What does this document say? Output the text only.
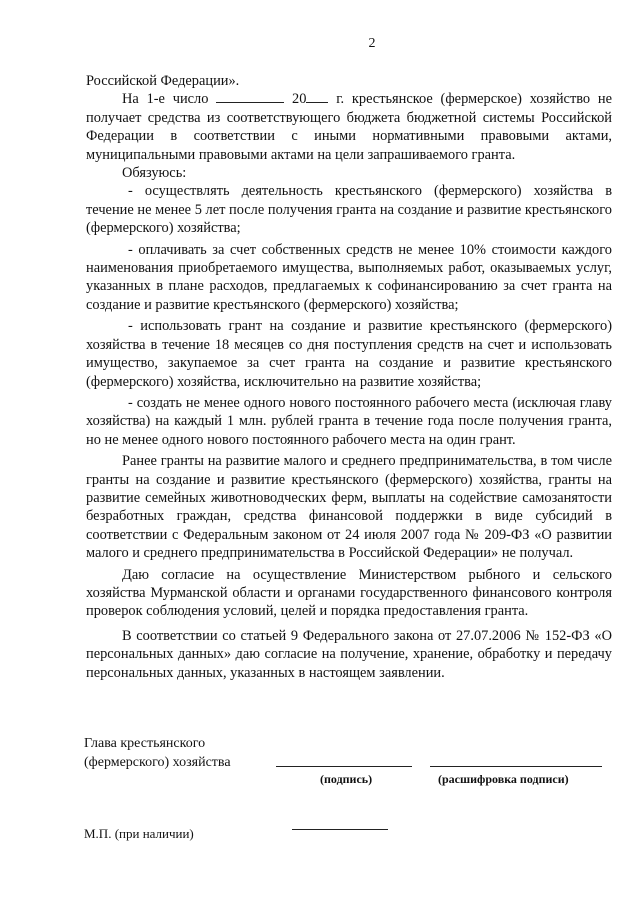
2

Российской Федерации».

На 1-е число	20 г. крестьянское (фермерское) хозяйство не получает средства из соответствующего бюджета бюджетной системы Российской Федерации в соответствии с иными нормативными правовыми актами, муниципальными правовыми актами на цели запрашиваемого гранта.

Обязуюсь:

- осуществлять деятельность крестьянского (фермерского) хозяйства в течение не менее 5 лет после получения гранта на создание и развитие крестьянского (фермерского) хозяйства;

- оплачивать за счет собственных средств не менее 10% стоимости каждого наименования приобретаемого имущества, выполняемых работ, оказываемых услуг, указанных в плане расходов, предлагаемых к софинансированию за счет гранта на создание и развитие крестьянского (фермерского) хозяйства;

- использовать грант на создание и развитие крестьянского (фермерского) хозяйства в течение 18 месяцев со дня поступления средств на счет и использовать имущество, закупаемое за счет гранта на создание и развитие крестьянского (фермерского) хозяйства, исключительно на развитие хозяйства;

- создать не менее одного нового постоянного рабочего места (исключая главу хозяйства) на каждый 1 млн. рублей гранта в течение года после получения гранта, но не менее одного нового постоянного рабочего места на один грант.

Ранее гранты на развитие малого и среднего предпринимательства, в том числе гранты на создание и развитие крестьянского (фермерского) хозяйства, гранты на развитие семейных животноводческих ферм, выплаты на содействие самозанятости безработных граждан, средства финансовой поддержки в виде субсидий в соответствии с Федеральным законом от 24 июля 2007 года № 209-ФЗ «О развитии малого и среднего предпринимательства в Российской Федерации» не получал.

Даю согласие на осуществление Министерством рыбного и сельского хозяйства Мурманской области и органами государственного финансового контроля проверок соблюдения условий, целей и порядка предоставления гранта.

В соответствии со статьей 9 Федерального закона от 27.07.2006 № 152-ФЗ «О персональных данных» даю согласие на получение, хранение, обработку и передачу персональных данных, указанных в настоящем заявлении.

Глава крестьянского
(фермерского) хозяйства
(подпись)	(расшифровка подписи)
М.П. (при наличии)
